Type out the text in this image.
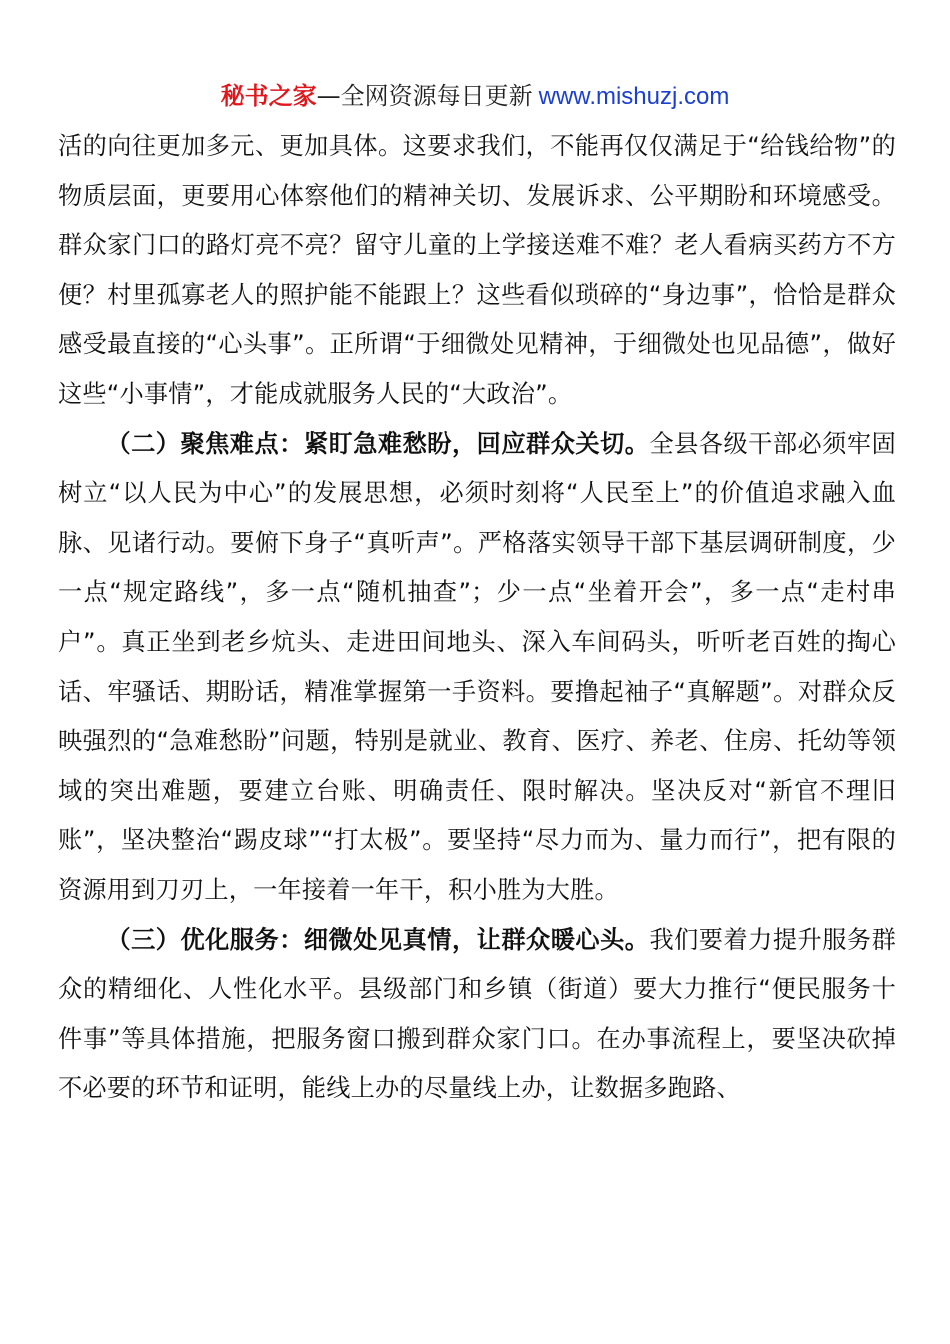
秘书之家—全网资源每日更新 www.mishuzj.com

活的向往更加多元、更加具体。这要求我们，不能再仅仅满足于“给钱给物”的物质层面，更要用心体察他们的精神关切、发展诉求、公平期盼和环境感受。群众家门口的路灯亮不亮？留守儿童的上学接送难不难？老人看病买药方不方便？村里孤寡老人的照护能不能跟上？这些看似琐碎的“身边事”，恰恰是群众感受最直接的“心头事”。正所谓“于细微处见精神，于细微处也见品德”，做好这些“小事情”，才能成就服务人民的“大政治”。

（二）聚焦难点：紧盯急难愁盼，回应群众关切。全县各级干部必须牢固树立“以人民为中心”的发展思想，必须时刻将“人民至上”的价值追求融入血脉、见诸行动。要俯下身子“真听声”。严格落实领导干部下基层调研制度，少一点“规定路线”，多一点“随机抽查”；少一点“坐着开会”，多一点“走村串户”。真正坐到老乡炕头、走进田间地头、深入车间码头，听听老百姓的掏心话、牢骚话、期盼话，精准掌握第一手资料。要撸起袖子“真解题”。对群众反映强烈的“急难愁盼”问题，特别是就业、教育、医疗、养老、住房、托幼等领域的突出难题，要建立台账、明确责任、限时解决。坚决反对“新官不理旧账”，坚决整治“踢皮球”“打太极”。要坚持“尽力而为、量力而行”，把有限的资源用到刀刃上，一年接着一年干，积小胜为大胜。

（三）优化服务：细微处见真情，让群众暖心头。我们要着力提升服务群众的精细化、人性化水平。县级部门和乡镇（街道）要大力推行“便民服务十件事”等具体措施，把服务窗口搬到群众家门口。在办事流程上，要坚决砍掉不必要的环节和证明，能线上办的尽量线上办，让数据多跑路、
